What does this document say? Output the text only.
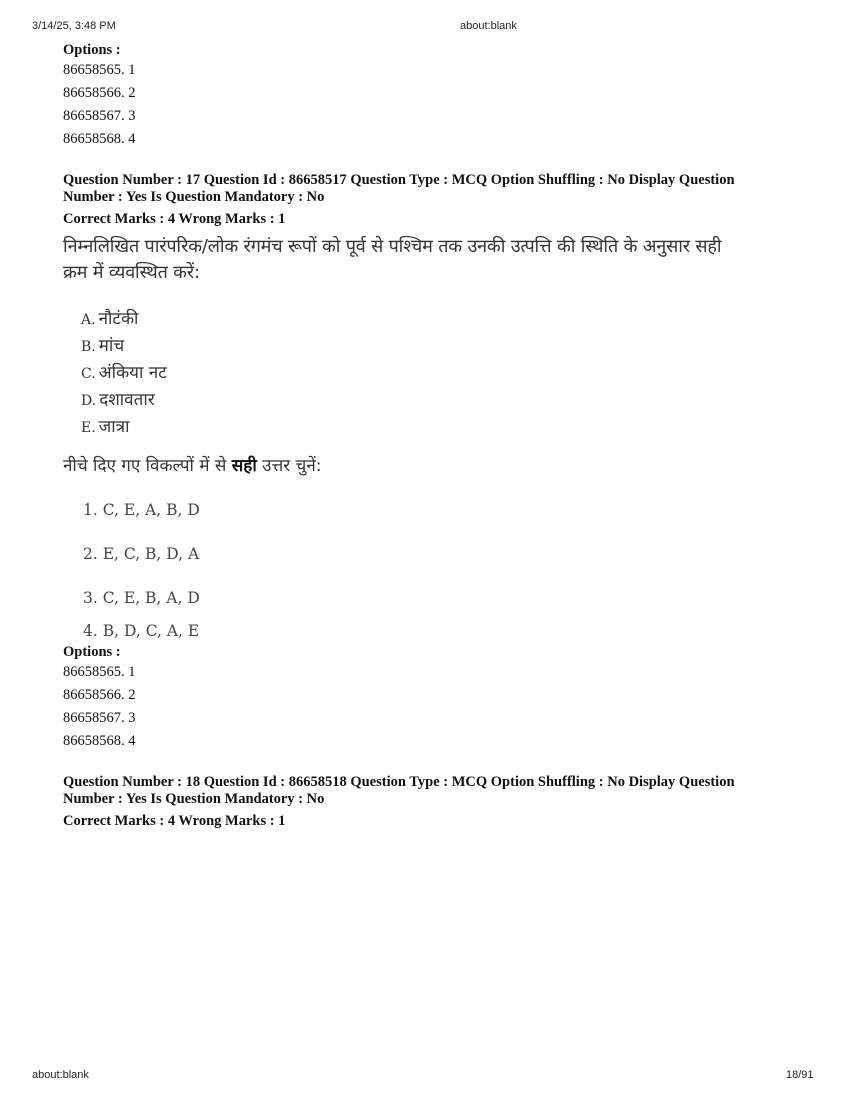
3/14/25, 3:48 PM	about:blank
Options :
86658565. 1
86658566. 2
86658567. 3
86658568. 4
Question Number : 17 Question Id : 86658517 Question Type : MCQ Option Shuffling : No Display Question
Number : Yes Is Question Mandatory : No
Correct Marks : 4 Wrong Marks : 1
निम्नलिखित पारंपरिक/लोक रंगमंच रूपों को पूर्व से पश्चिम तक उनकी उत्पत्ति की स्थिति के अनुसार सही
क्रम में व्यवस्थित करें:
A. नौटंकी
B. मांच
C. अंकिया नट
D. दशावतार
E. जात्रा
नीचे दिए गए विकल्पों में से सही उत्तर चुनें:
1. C, E, A, B, D
2. E, C, B, D, A
3. C, E, B, A, D
4. B, D, C, A, E
Options :
86658565. 1
86658566. 2
86658567. 3
86658568. 4
Question Number : 18 Question Id : 86658518 Question Type : MCQ Option Shuffling : No Display Question
Number : Yes Is Question Mandatory : No
Correct Marks : 4 Wrong Marks : 1
about:blank	18/91
